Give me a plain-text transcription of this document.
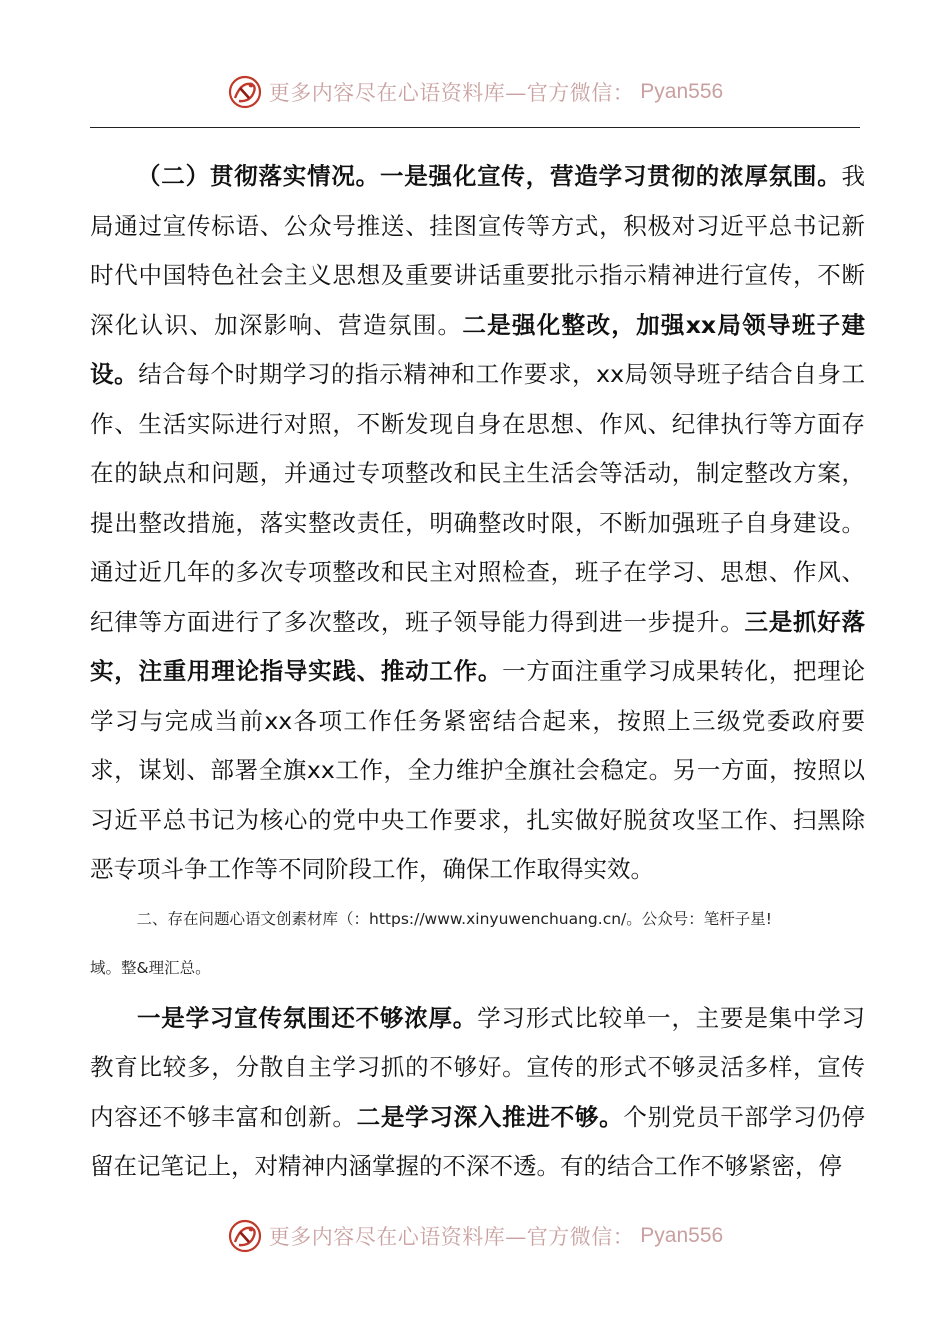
更多内容尽在心语资料库—官方微信： Pyan556

（二）贯彻落实情况。一是强化宣传，营造学习贯彻的浓厚氛围。我局通过宣传标语、公众号推送、挂图宣传等方式，积极对习近平总书记新时代中国特色社会主义思想及重要讲话重要批示指示精神进行宣传，不断深化认识、加深影响、营造氛围。二是强化整改，加强xx局领导班子建设。结合每个时期学习的指示精神和工作要求，xx局领导班子结合自身工作、生活实际进行对照，不断发现自身在思想、作风、纪律执行等方面存在的缺点和问题，并通过专项整改和民主生活会等活动，制定整改方案，提出整改措施，落实整改责任，明确整改时限，不断加强班子自身建设。通过近几年的多次专项整改和民主对照检查，班子在学习、思想、作风、纪律等方面进行了多次整改，班子领导能力得到进一步提升。三是抓好落实，注重用理论指导实践、推动工作。一方面注重学习成果转化，把理论学习与完成当前xx各项工作任务紧密结合起来，按照上三级党委政府要求，谋划、部署全旗xx工作，全力维护全旗社会稳定。另一方面，按照以习近平总书记为核心的党中央工作要求，扎实做好脱贫攻坚工作、扫黑除恶专项斗争工作等不同阶段工作，确保工作取得实效。

二、存在问题心语文创素材库（：https://www.xinyuwenchuang.cn/。公众号：笔杆子星!

域。整&理汇总。

一是学习宣传氛围还不够浓厚。学习形式比较单一，主要是集中学习教育比较多，分散自主学习抓的不够好。宣传的形式不够灵活多样，宣传内容还不够丰富和创新。二是学习深入推进不够。个别党员干部学习仍停留在记笔记上，对精神内涵掌握的不深不透。有的结合工作不够紧密，停

更多内容尽在心语资料库—官方微信： Pyan556
